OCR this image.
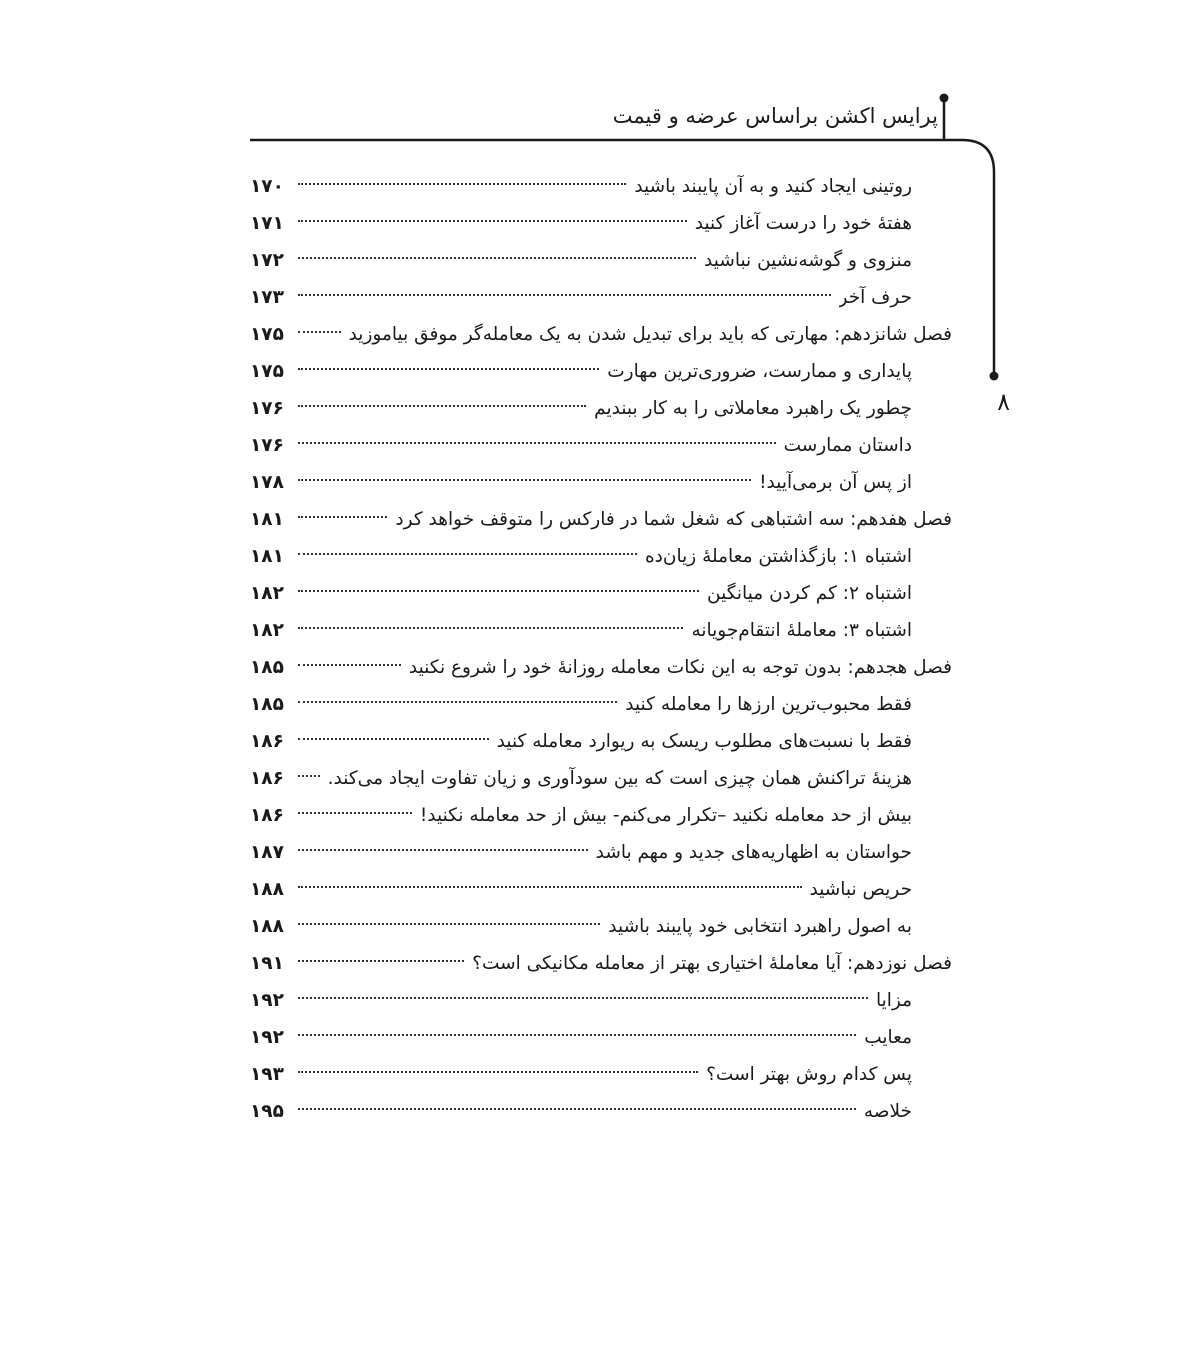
پرایس اکشن براساس عرضه و قیمت
۸
روتینی ایجاد کنید و به آن پایبند باشید
۱۷۰
هفتهٔ خود را درست آغاز کنید
۱۷۱
منزوی و گوشه‌نشین نباشید
۱۷۲
حرف آخر
۱۷۳
فصل شانزدهم: مهارتی که باید برای تبدیل شدن به یک معامله‌گر موفق بیاموزید
۱۷۵
پایداری و ممارست، ضروری‌ترین مهارت
۱۷۵
چطور یک راهبرد معاملاتی را به کار ببندیم
۱۷۶
داستان ممارست
۱۷۶
از پس آن برمی‌آیید!
۱۷۸
فصل هفدهم: سه اشتباهی که شغل شما در فارکس را متوقف خواهد کرد
۱۸۱
اشتباه ۱: بازگذاشتن معاملهٔ زیان‌ده
۱۸۱
اشتباه ۲: کم کردن میانگین
۱۸۲
اشتباه ۳: معاملهٔ انتقام‌جویانه
۱۸۲
فصل هجدهم: بدون توجه به این نکات معامله روزانهٔ خود را شروع نکنید
۱۸۵
فقط محبوب‌ترین ارزها را معامله کنید
۱۸۵
فقط با نسبت‌های مطلوب ریسک به ریوارد معامله کنید
۱۸۶
هزینهٔ تراکنش همان چیزی است که بین سودآوری و زیان تفاوت ایجاد می‌کند.
۱۸۶
بیش از حد معامله نکنید –تکرار می‌کنم- بیش از حد معامله نکنید!
۱۸۶
حواستان به اظهاریه‌های جدید و مهم باشد
۱۸۷
حریص نباشید
۱۸۸
به اصول راهبرد انتخابی خود پایبند باشید
۱۸۸
فصل نوزدهم: آیا معاملهٔ اختیاری بهتر از معامله مکانیکی است؟
۱۹۱
مزایا
۱۹۲
معایب
۱۹۲
پس کدام روش بهتر است؟
۱۹۳
خلاصه
۱۹۵
